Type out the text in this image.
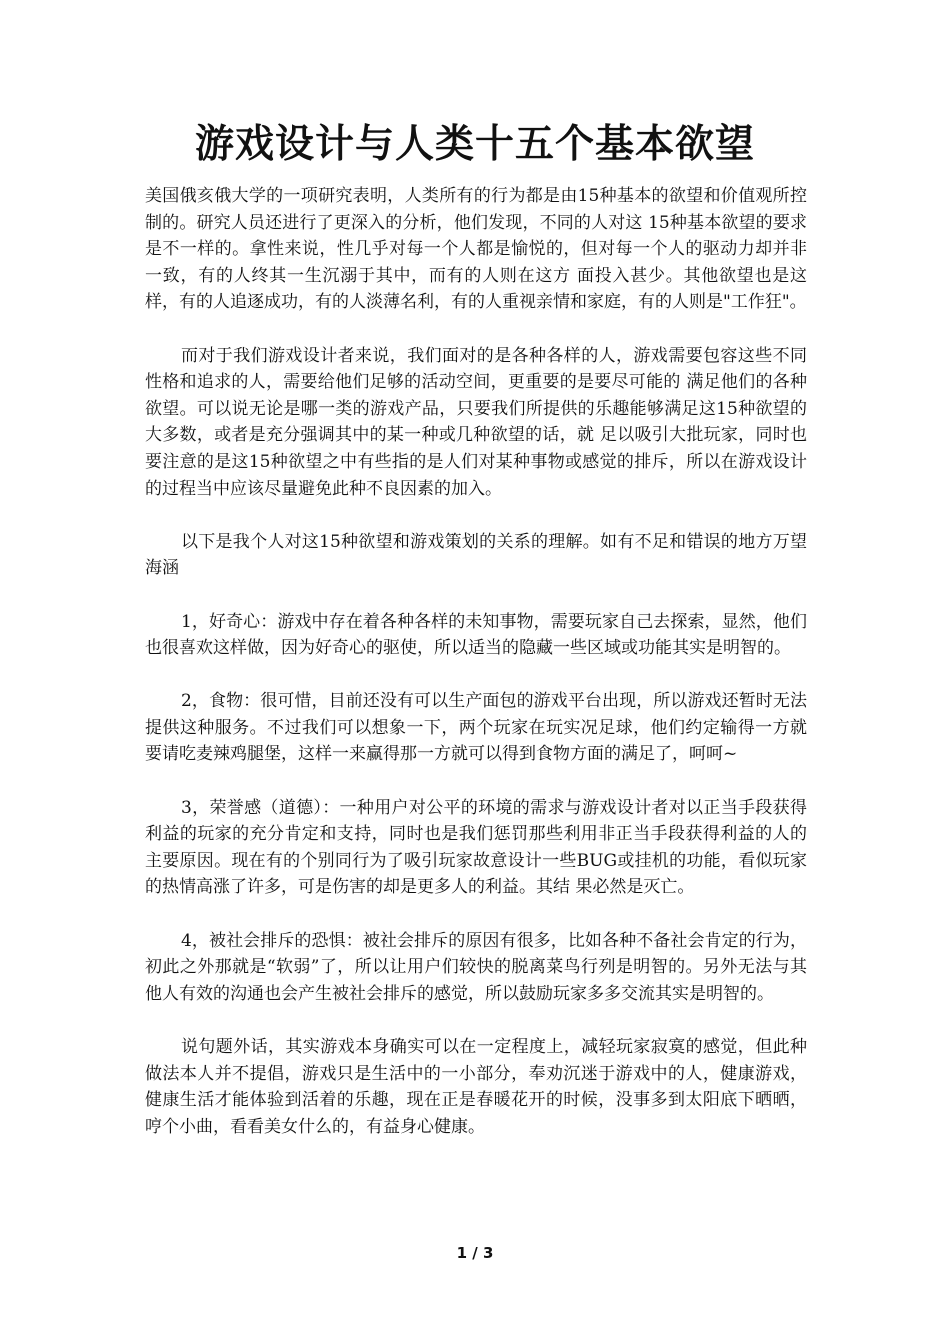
游戏设计与人类十五个基本欲望

美国俄亥俄大学的一项研究表明，人类所有的行为都是由15种基本的欲望和价值观所控制的。研究人员还进行了更深入的分析，他们发现，不同的人对这 15种基本欲望的要求是不一样的。拿性来说，性几乎对每一个人都是愉悦的，但对每一个人的驱动力却并非一致，有的人终其一生沉溺于其中，而有的人则在这方 面投入甚少。其他欲望也是这样，有的人追逐成功，有的人淡薄名利，有的人重视亲情和家庭，有的人则是"工作狂"。

而对于我们游戏设计者来说，我们面对的是各种各样的人，游戏需要包容这些不同性格和追求的人，需要给他们足够的活动空间，更重要的是要尽可能的 满足他们的各种欲望。可以说无论是哪一类的游戏产品，只要我们所提供的乐趣能够满足这15种欲望的大多数，或者是充分强调其中的某一种或几种欲望的话，就 足以吸引大批玩家，同时也要注意的是这15种欲望之中有些指的是人们对某种事物或感觉的排斥，所以在游戏设计的过程当中应该尽量避免此种不良因素的加入。

以下是我个人对这15种欲望和游戏策划的关系的理解。如有不足和错误的地方万望海涵

1，好奇心：游戏中存在着各种各样的未知事物，需要玩家自己去探索，显然，他们也很喜欢这样做，因为好奇心的驱使，所以适当的隐藏一些区域或功能其实是明智的。

2，食物：很可惜，目前还没有可以生产面包的游戏平台出现，所以游戏还暂时无法提供这种服务。不过我们可以想象一下，两个玩家在玩实况足球，他们约定输得一方就要请吃麦辣鸡腿堡，这样一来赢得那一方就可以得到食物方面的满足了，呵呵~

3，荣誉感（道德）：一种用户对公平的环境的需求与游戏设计者对以正当手段获得利益的玩家的充分肯定和支持，同时也是我们惩罚那些利用非正当手段获得利益的人的主要原因。现在有的个别同行为了吸引玩家故意设计一些BUG或挂机的功能，看似玩家的热情高涨了许多，可是伤害的却是更多人的利益。其结 果必然是灭亡。

4，被社会排斥的恐惧：被社会排斥的原因有很多，比如各种不备社会肯定的行为，初此之外那就是“软弱”了，所以让用户们较快的脱离菜鸟行列是明智的。另外无法与其他人有效的沟通也会产生被社会排斥的感觉，所以鼓励玩家多多交流其实是明智的。

说句题外话，其实游戏本身确实可以在一定程度上，减轻玩家寂寞的感觉，但此种做法本人并不提倡，游戏只是生活中的一小部分，奉劝沉迷于游戏中的人，健康游戏，健康生活才能体验到活着的乐趣，现在正是春暖花开的时候，没事多到太阳底下晒晒，哼个小曲，看看美女什么的，有益身心健康。

1 / 3
